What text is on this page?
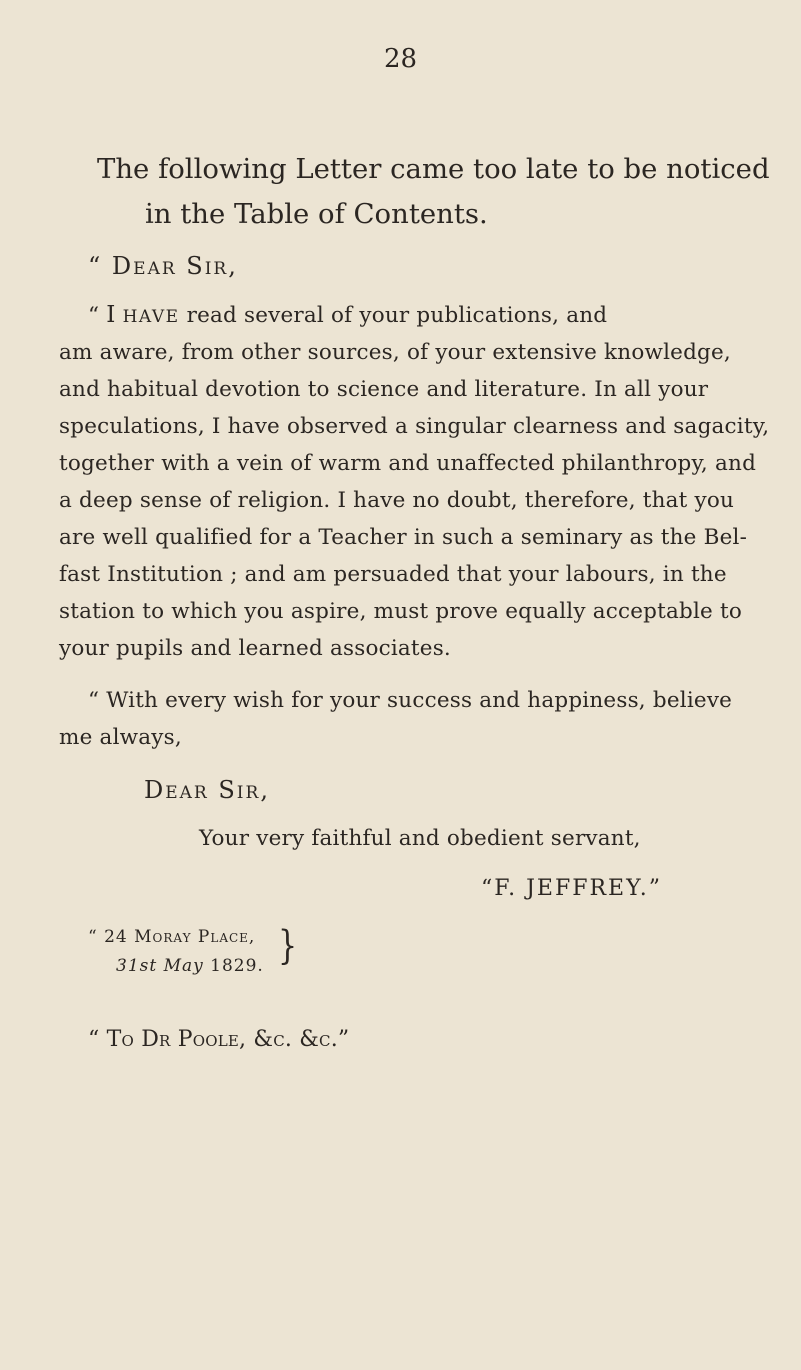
28
The following Letter came too late to be noticed
in the Table of Contents.
“ Dear Sir,
“ I HAVE read several of your publications, and
am aware, from other sources, of your extensive knowledge,
and habitual devotion to science and literature. In all your
speculations, I have observed a singular clearness and sagacity,
together with a vein of warm and unaffected philanthropy, and
a deep sense of religion. I have no doubt, therefore, that you
are well qualified for a Teacher in such a seminary as the Bel-
fast Institution ; and am persuaded that your labours, in the
station to which you aspire, must prove equally acceptable to
your pupils and learned associates.
“ With every wish for your success and happiness, believe
me always,
Dear Sir,
Your very faithful and obedient servant,
“F. JEFFREY.”
“ 24 Moray Place,
31st May 1829. }
“ To Dr Poole, &c. &c.”
